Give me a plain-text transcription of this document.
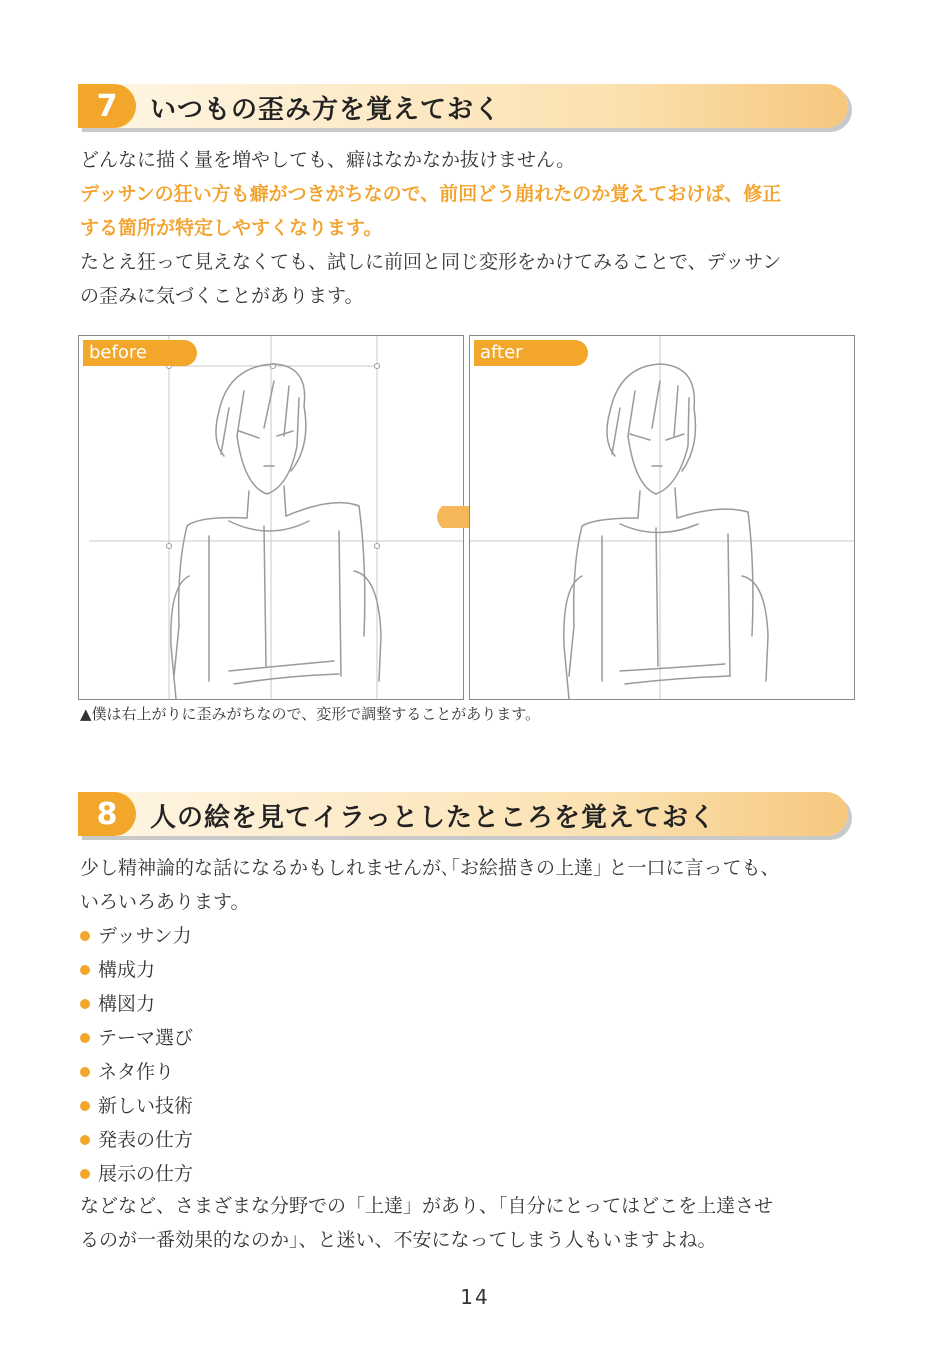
7	いつもの歪み方を覚えておく
どんなに描く量を増やしても、癖はなかなか抜けません。
デッサンの狂い方も癖がつきがちなので、前回どう崩れたのか覚えておけば、修正
する箇所が特定しやすくなります。
たとえ狂って見えなくても、試しに前回と同じ変形をかけてみることで、デッサン
の歪みに気づくことがあります。
before	after
▲僕は右上がりに歪みがちなので、変形で調整することがあります。
8	人の絵を見てイラっとしたところを覚えておく
少し精神論的な話になるかもしれませんが､｢お絵描きの上達｣ と一口に言っても、
いろいろあります。
デッサン力
構成力
構図力
テーマ選び
ネタ作り
新しい技術
発表の仕方
展示の仕方
などなど、さまざまな分野での「上達」があり、｢自分にとってはどこを上達させ
るのが一番効果的なのか｣、と迷い、不安になってしまう人もいますよね。
14
